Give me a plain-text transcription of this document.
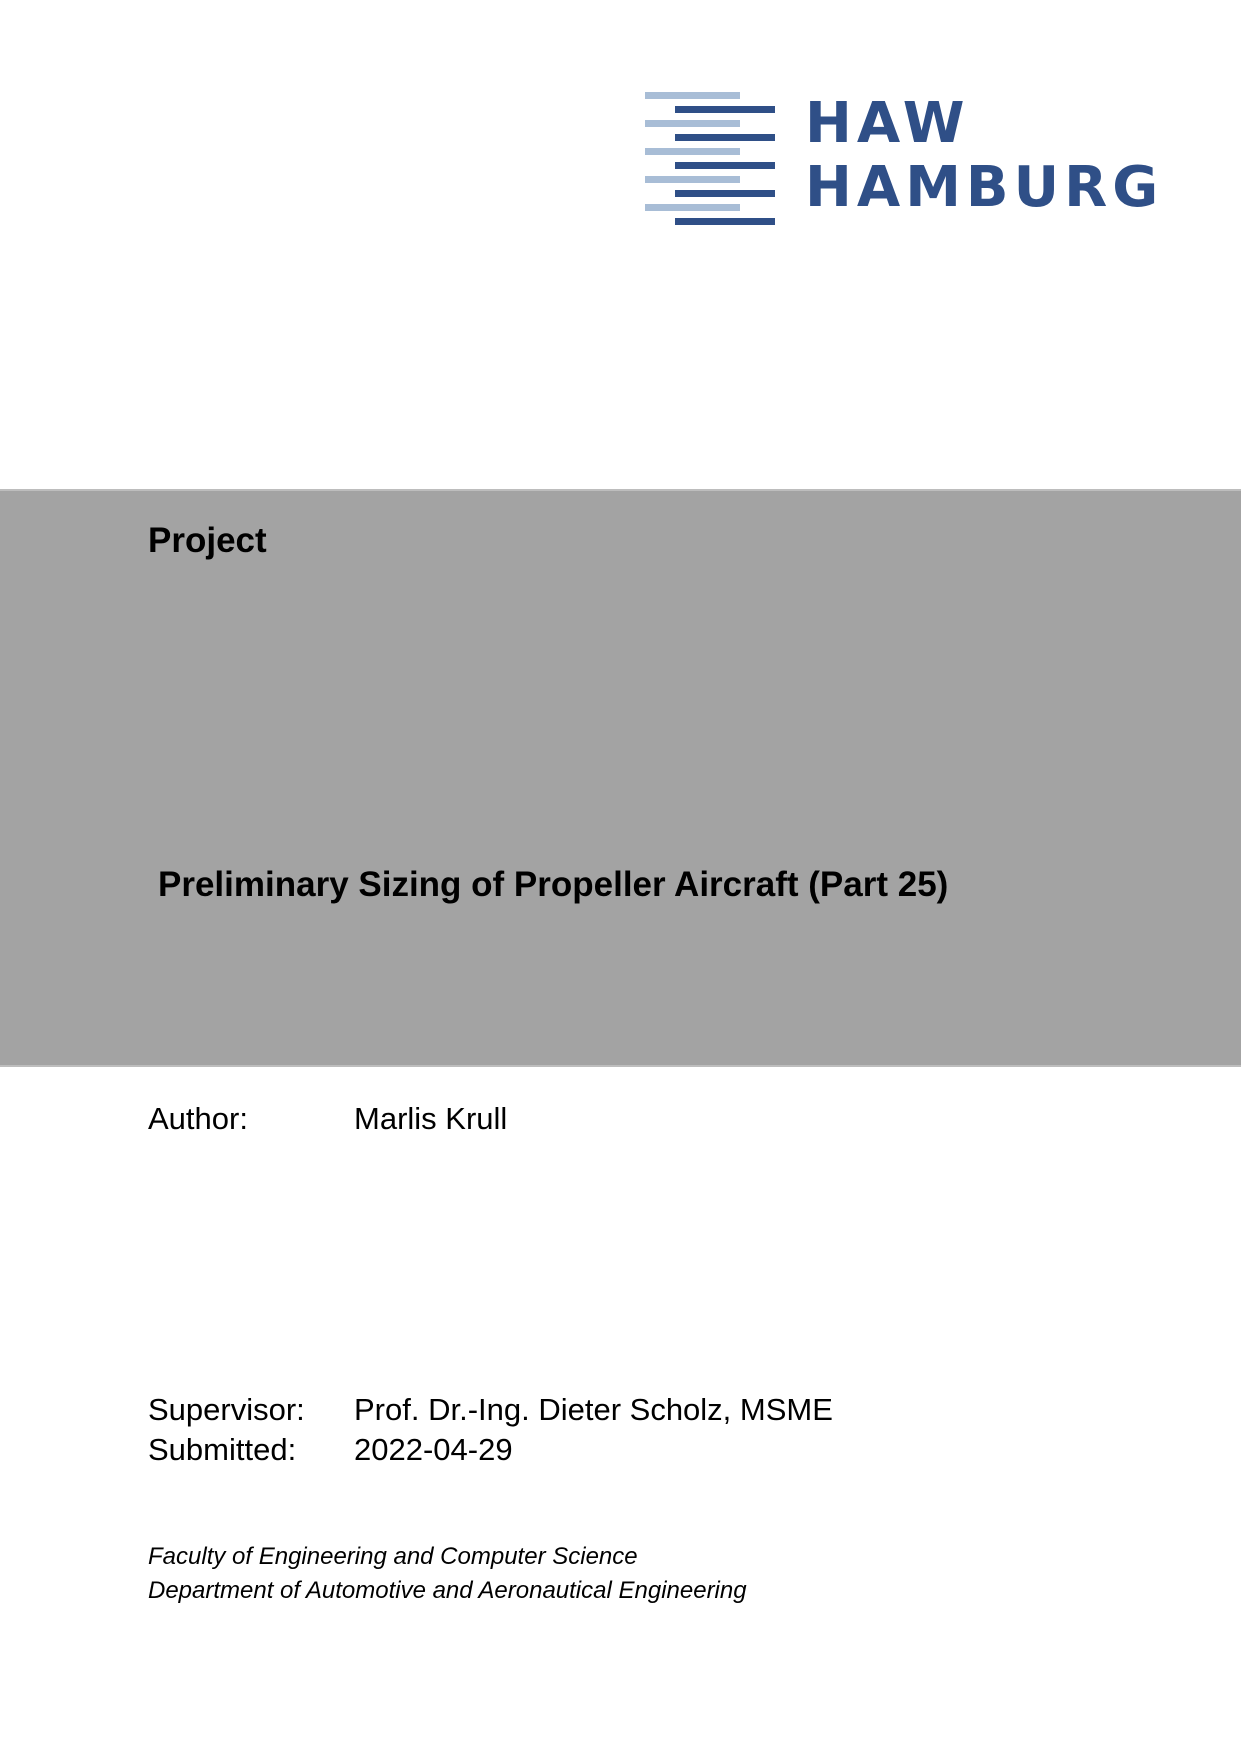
HAW
HAMBURG
Project
Preliminary Sizing of Propeller Aircraft (Part 25)
Author:	Marlis Krull
Supervisor: Prof. Dr.-Ing. Dieter Scholz, MSME
Submitted: 2022-04-29
Faculty of Engineering and Computer Science
Department of Automotive and Aeronautical Engineering
